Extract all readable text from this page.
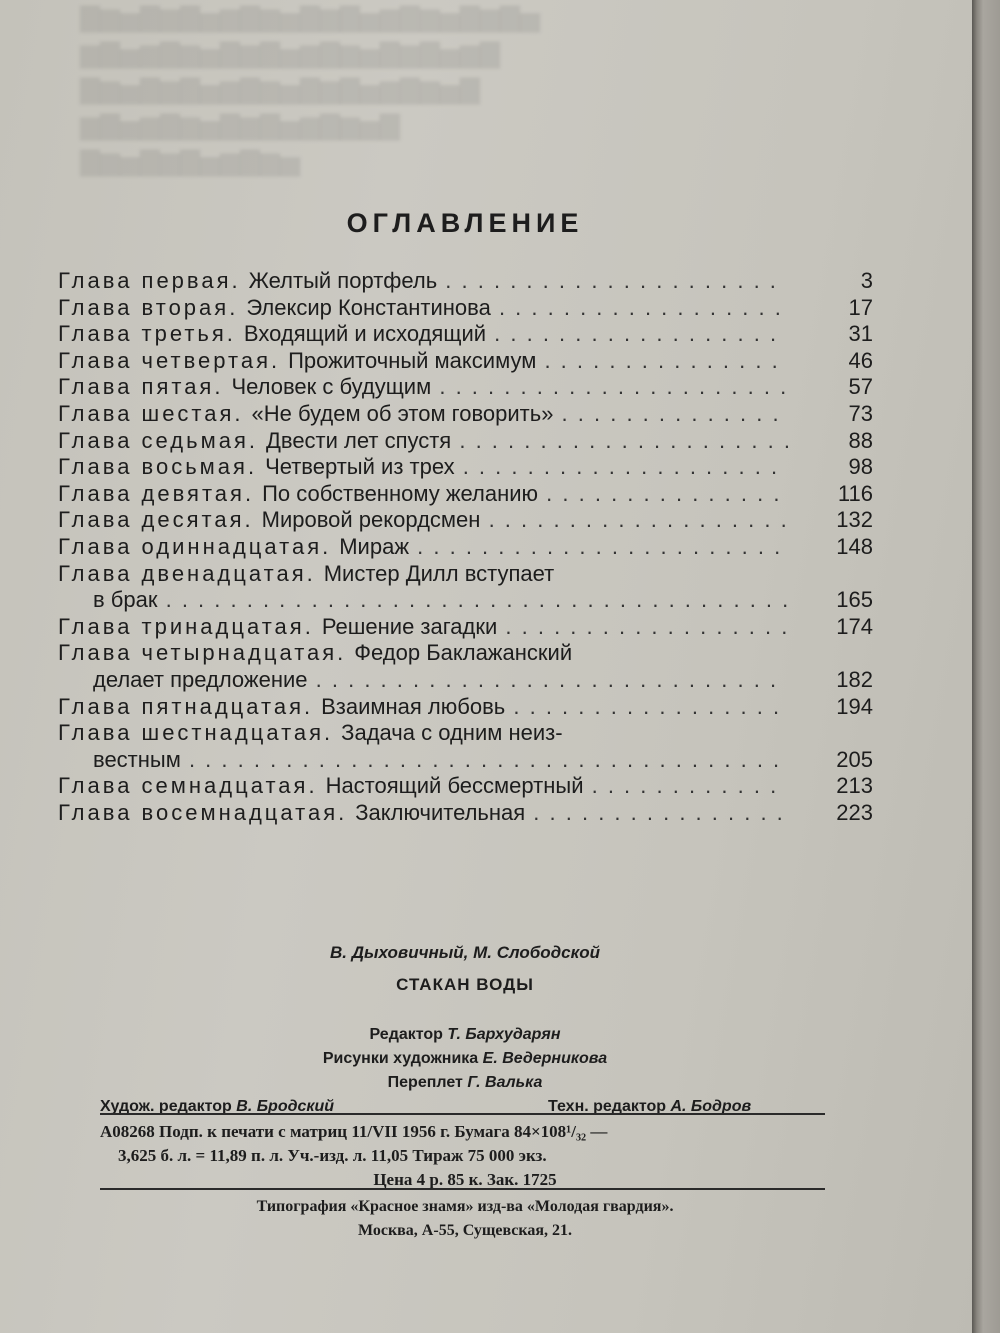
▇▆▅▇▆▇▅▆▇▆▅▇▆▇▅▆▇▆▅▇▆▇▅
▆▇▅▆▇▆▅▇▆▇▅▆▇▆▅▇▆▇▅▆▇
▇▆▅▇▆▇▅▆▇▆▅▇▆▇▅▆▇▆▅▇
▆▇▅▆▇▆▅▇▆▇▅▆▇▆▅▇
▇▆▅▇▆▇▅▆▇▆▅
ОГЛАВЛЕНИЕ
Глава первая. Желтый портфель . . . . . . . . . . . . . . . . . . . . .	3
Глава вторая. Элексир Константинова . . . . . . . . . . . . . . . . . .	17
Глава третья. Входящий и исходящий . . . . . . . . . . . . . . . . . .	31
Глава четвертая. Прожиточный максимум . . . . . . . . . . . . . . .	46
Глава пятая. Человек с будущим . . . . . . . . . . . . . . . . . . . . . .	57
Глава шестая. «Не будем об этом говорить» . . . . . . . . . . . . . .	73
Глава седьмая. Двести лет спустя . . . . . . . . . . . . . . . . . . . . .	88
Глава восьмая. Четвертый из трех . . . . . . . . . . . . . . . . . . . .	98
Глава девятая. По собственному желанию . . . . . . . . . . . . . . .	116
Глава десятая. Мировой рекордсмен . . . . . . . . . . . . . . . . . . . 132
Глава одиннадцатая. Мираж . . . . . . . . . . . . . . . . . . . . . . . 148
Глава двенадцатая. Мистер Дилл вступает
в брак . . . . . . . . . . . . . . . . . . . . . . . . . . . . . . . . . . . . . . . 165
Глава тринадцатая. Решение загадки . . . . . . . . . . . . . . . . . . 174
Глава четырнадцатая. Федор Баклажанский
делает предложение . . . . . . . . . . . . . . . . . . . . . . . . . . . . .	182
Глава пятнадцатая. Взаимная любовь . . . . . . . . . . . . . . . . .	194
Глава шестнадцатая. Задача с одним неиз-
вестным . . . . . . . . . . . . . . . . . . . . . . . . . . . . . . . . . . . . .	205
Глава семнадцатая. Настоящий бессмертный . . . . . . . . . . . .	213
Глава восемнадцатая. Заключительная . . . . . . . . . . . . . . . . 223
В. Дыховичный, М. Слободской
СТАКАН ВОДЫ
Редактор Т. Бархударян
Рисунки художника Е. Ведерникова
Переплет Г. Валька
Худож. редактор В. Бродский	Техн. редактор А. Бодров
А08268 Подп. к печати с матриц 11/VII 1956 г. Бумага 84×108¹/₃₂ —
3,625 б. л. = 11,89 п. л. Уч.-изд. л. 11,05 Тираж 75 000 экз.
Цена 4 р. 85 к. Зак. 1725
Типография «Красное знамя» изд-ва «Молодая гвардия».
Москва, А-55, Сущевская, 21.
